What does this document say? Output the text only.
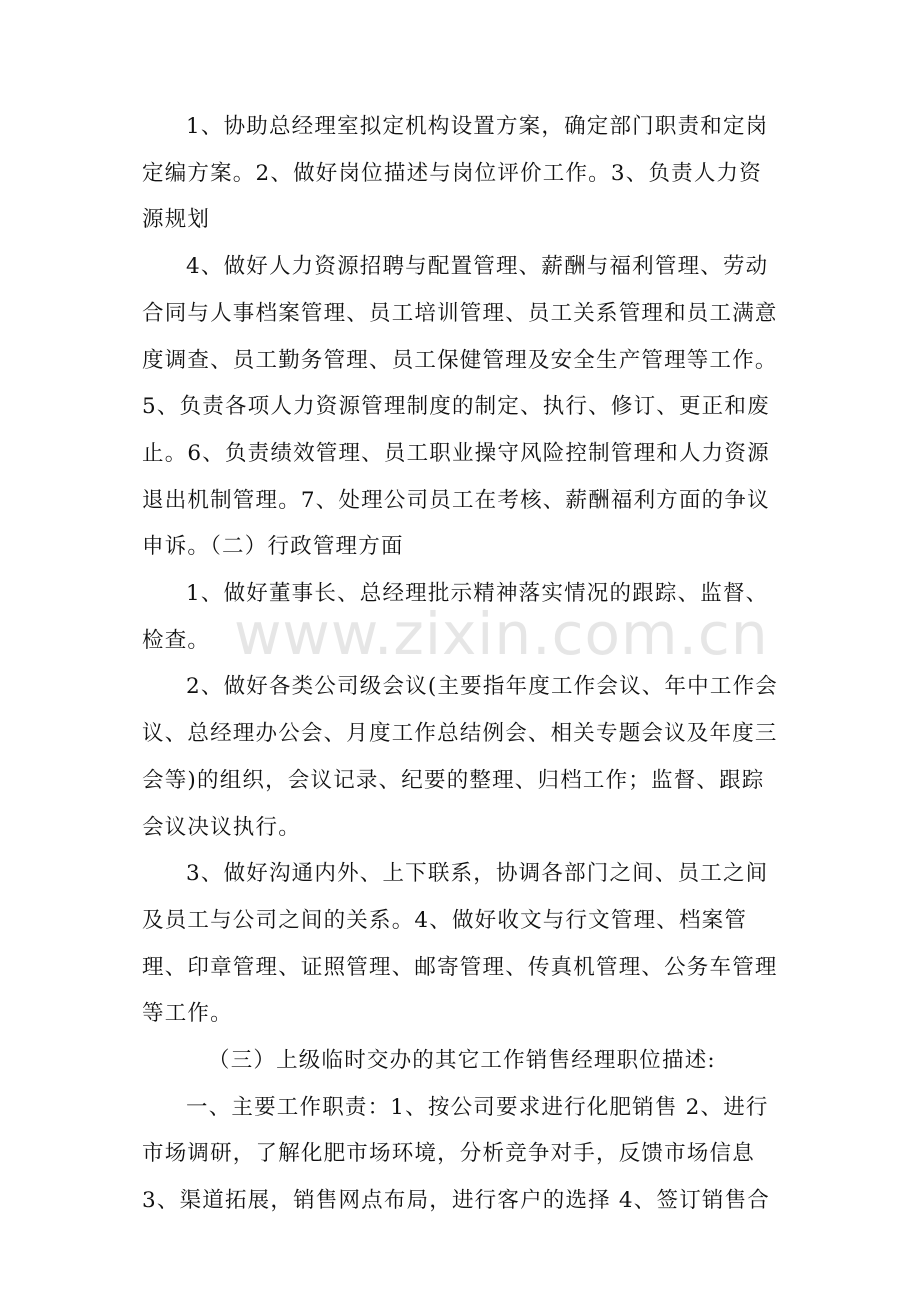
1、协助总经理室拟定机构设置方案，确定部门职责和定岗定编方案。2、做好岗位描述与岗位评价工作。3、负责人力资源规划

4、做好人力资源招聘与配置管理、薪酬与福利管理、劳动合同与人事档案管理、员工培训管理、员工关系管理和员工满意度调查、员工勤务管理、员工保健管理及安全生产管理等工作。5、负责各项人力资源管理制度的制定、执行、修订、更正和废止。6、负责绩效管理、员工职业操守风险控制管理和人力资源退出机制管理。7、处理公司员工在考核、薪酬福利方面的争议申诉。（二）行政管理方面

1、做好董事长、总经理批示精神落实情况的跟踪、监督、检查。

2、做好各类公司级会议(主要指年度工作会议、年中工作会议、总经理办公会、月度工作总结例会、相关专题会议及年度三会等)的组织，会议记录、纪要的整理、归档工作；监督、跟踪会议决议执行。

3、做好沟通内外、上下联系，协调各部门之间、员工之间及员工与公司之间的关系。4、做好收文与行文管理、档案管理、印章管理、证照管理、邮寄管理、传真机管理、公务车管理等工作。

（三）上级临时交办的其它工作销售经理职位描述:

一、主要工作职责：1、按公司要求进行化肥销售 2、进行市场调研，了解化肥市场环境，分析竞争对手，反馈市场信息 3、渠道拓展，销售网点布局，进行客户的选择 4、签订销售合

www.zixin.com.cn
